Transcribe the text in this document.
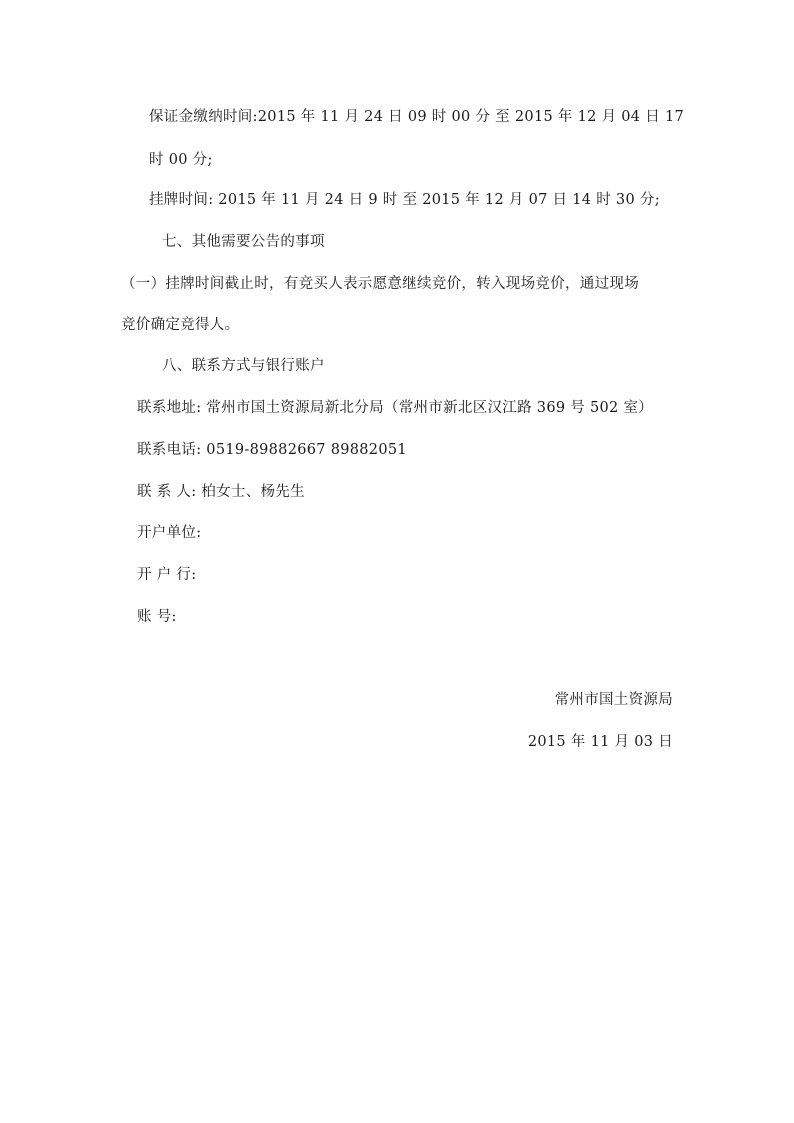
保证金缴纳时间:2015 年 11 月 24 日 09 时 00 分 至 2015 年 12 月 04 日 17
时 00 分;
挂牌时间: 2015 年 11 月 24 日 9 时 至 2015 年 12 月 07 日 14 时 30 分;
七、其他需要公告的事项
（一）挂牌时间截止时，有竞买人表示愿意继续竞价，转入现场竞价，通过现场
竞价确定竞得人。
八、联系方式与银行账户
联系地址: 常州市国土资源局新北分局（常州市新北区汉江路 369 号 502 室）
联系电话: 0519-89882667 89882051
联 系 人: 柏女士、杨先生
开户单位:
开 户 行:
账 号:
常州市国土资源局
2015 年 11 月 03 日
